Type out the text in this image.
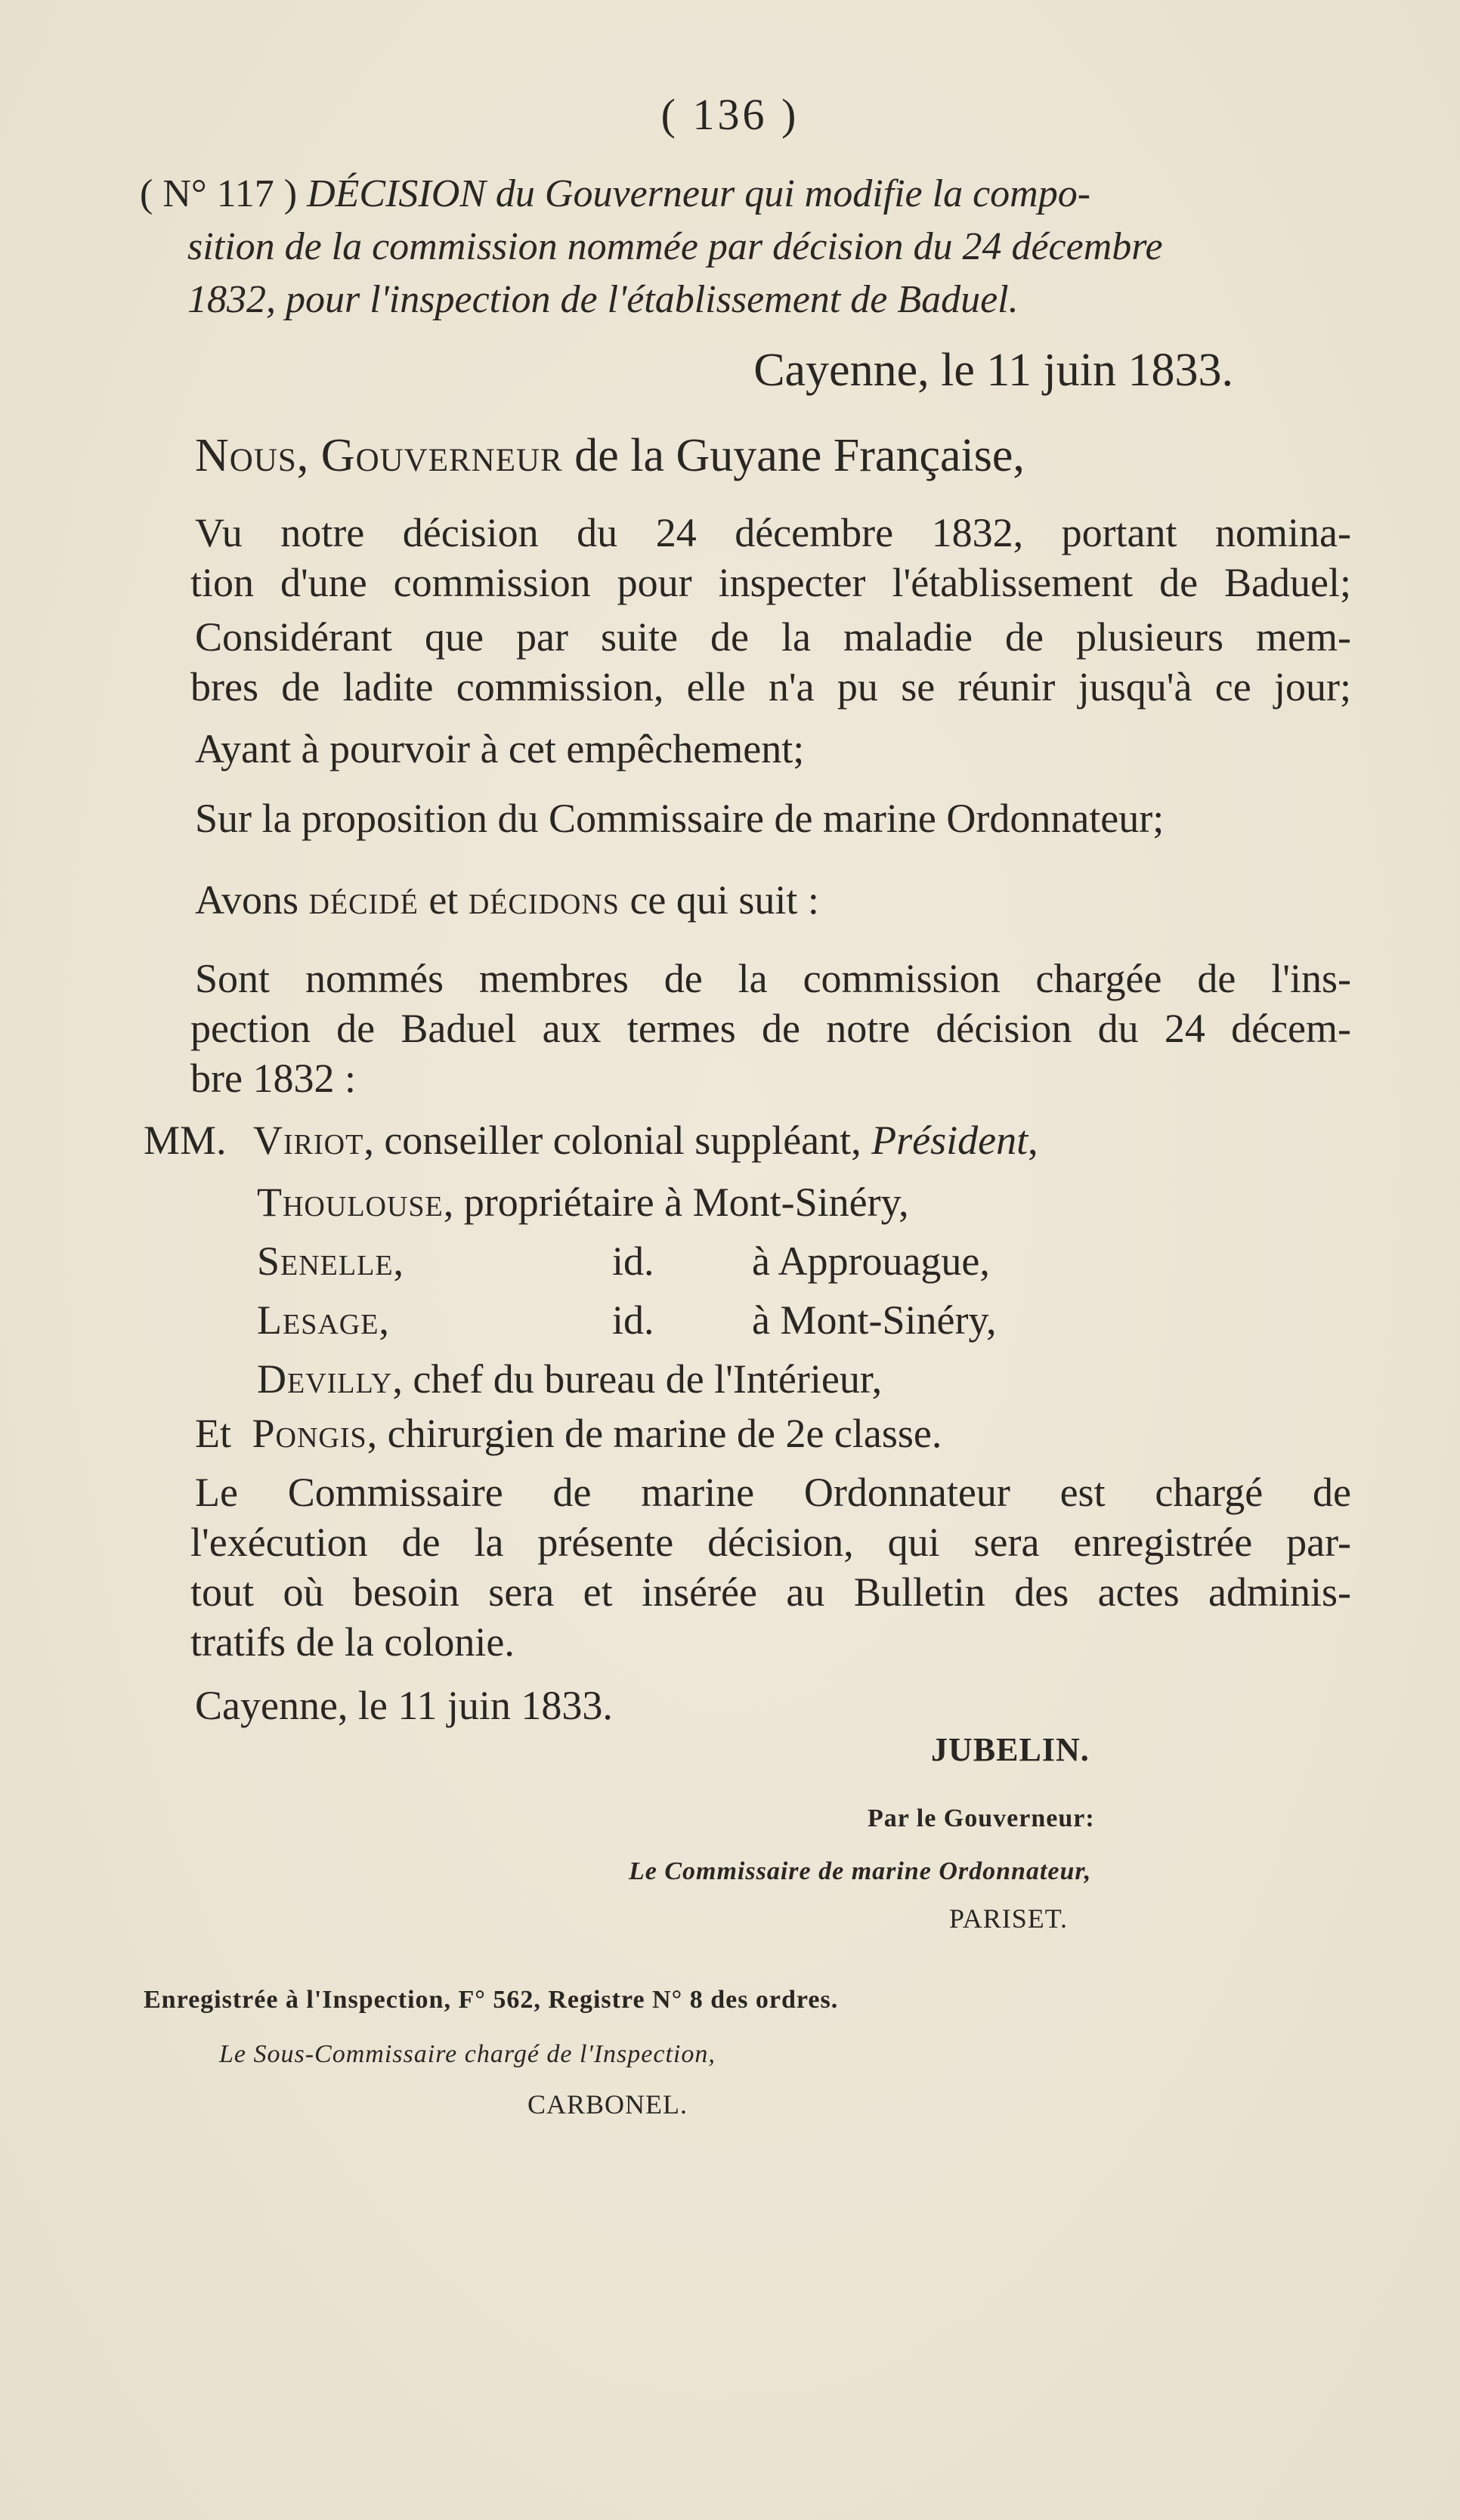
( 136 )
( N° 117 ) DÉCISION du Gouverneur qui modifie la compo-
sition de la commission nommée par décision du 24 décembre
1832, pour l'inspection de l'établissement de Baduel.
Cayenne, le 11 juin 1833.
Nous, Gouverneur de la Guyane Française,
Vu notre décision du 24 décembre 1832, portant nomina-
tion d'une commission pour inspecter l'établissement de Baduel;
Considérant que par suite de la maladie de plusieurs mem-
bres de ladite commission, elle n'a pu se réunir jusqu'à ce jour;
Ayant à pourvoir à cet empêchement;
Sur la proposition du Commissaire de marine Ordonnateur;
Avons décidé et décidons ce qui suit :
Sont nommés membres de la commission chargée de l'ins-
pection de Baduel aux termes de notre décision du 24 décem-
bre 1832 :
MM. Viriot, conseiller colonial suppléant, Président,
Thoulouse, propriétaire à Mont-Sinéry,
Senelle,	id. à Approuague,
Lesage,	id. à Mont-Sinéry,
Devilly, chef du bureau de l'Intérieur,
Et Pongis, chirurgien de marine de 2e classe.
Le Commissaire de marine Ordonnateur est chargé de
l'exécution de la présente décision, qui sera enregistrée par-
tout où besoin sera et insérée au Bulletin des actes adminis-
tratifs de la colonie.
Cayenne, le 11 juin 1833.
JUBELIN.
Par le Gouverneur:
Le Commissaire de marine Ordonnateur,
PARISET.
Enregistrée à l'Inspection, F° 562, Registre N° 8 des ordres.
Le Sous-Commissaire chargé de l'Inspection,
CARBONEL.
